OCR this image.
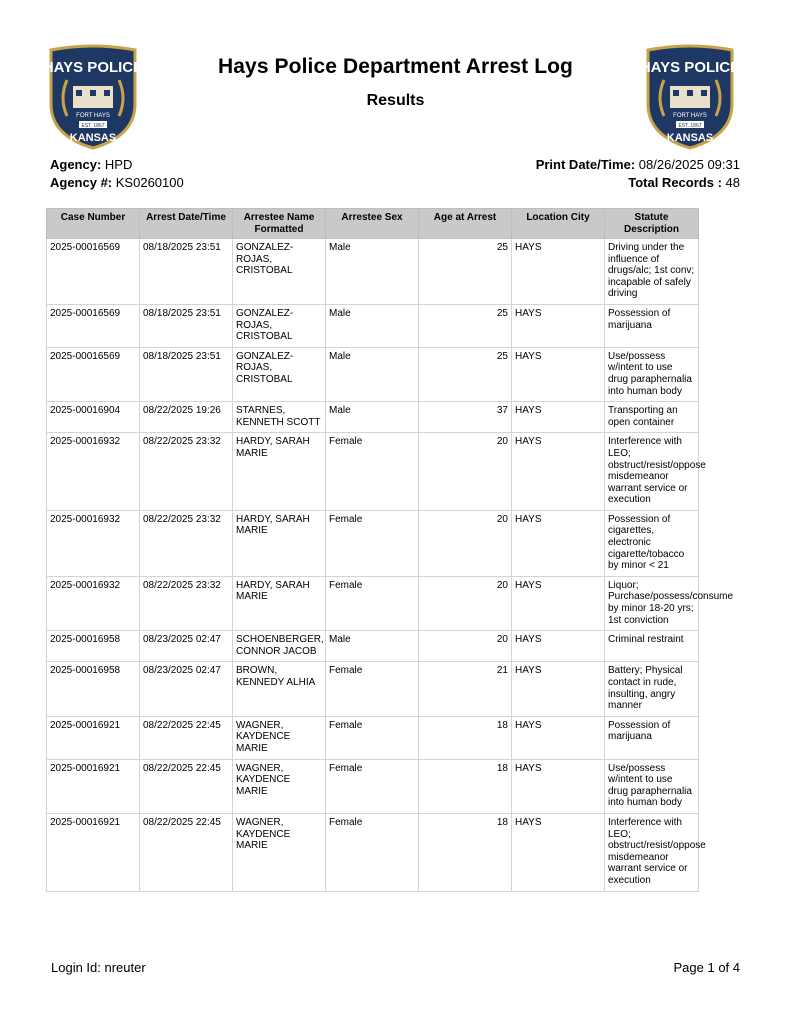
HAYS POLICE
FORT HAYS
EST. 1867
KANSAS
HAYS POLICE
FORT HAYS
EST. 1867
KANSAS
Hays Police Department Arrest Log
Results
Agency: HPD
Agency #: KS0260100
Print Date/Time: 08/26/2025 09:31
Total Records : 48
Case Number	Arrest Date/Time	Arrestee Name Formatted	Arrestee Sex	Age at Arrest	Location City	Statute Description
2025-00016569	08/18/2025 23:51	GONZALEZ-ROJAS, CRISTOBAL	Male	25	HAYS	Driving under the influence of drugs/alc; 1st conv; incapable of safely driving
2025-00016569	08/18/2025 23:51	GONZALEZ-ROJAS, CRISTOBAL	Male	25	HAYS	Possession of marijuana
2025-00016569	08/18/2025 23:51	GONZALEZ-ROJAS, CRISTOBAL	Male	25	HAYS	Use/possess w/intent to use drug paraphernalia into human body
2025-00016904	08/22/2025 19:26	STARNES, KENNETH SCOTT	Male	37	HAYS	Transporting an open container
2025-00016932	08/22/2025 23:32	HARDY, SARAH MARIE	Female	20	HAYS	Interference with LEO; obstruct/resist/oppose misdemeanor warrant service or execution
2025-00016932	08/22/2025 23:32	HARDY, SARAH MARIE	Female	20	HAYS	Possession of cigarettes, electronic cigarette/tobacco by minor < 21
2025-00016932	08/22/2025 23:32	HARDY, SARAH MARIE	Female	20	HAYS	Liquor; Purchase/possess/consume by minor 18-20 yrs; 1st conviction
2025-00016958	08/23/2025 02:47	SCHOENBERGER, CONNOR JACOB	Male	20	HAYS	Criminal restraint
2025-00016958	08/23/2025 02:47	BROWN, KENNEDY ALHIA	Female	21	HAYS	Battery; Physical contact in rude, insulting, angry manner
2025-00016921	08/22/2025 22:45	WAGNER, KAYDENCE MARIE	Female	18	HAYS	Possession of marijuana
2025-00016921	08/22/2025 22:45	WAGNER, KAYDENCE MARIE	Female	18	HAYS	Use/possess w/intent to use drug paraphernalia into human body
2025-00016921	08/22/2025 22:45	WAGNER, KAYDENCE MARIE	Female	18	HAYS	Interference with LEO; obstruct/resist/oppose misdemeanor warrant service or execution
Login Id: nreuter	Page 1 of 4
